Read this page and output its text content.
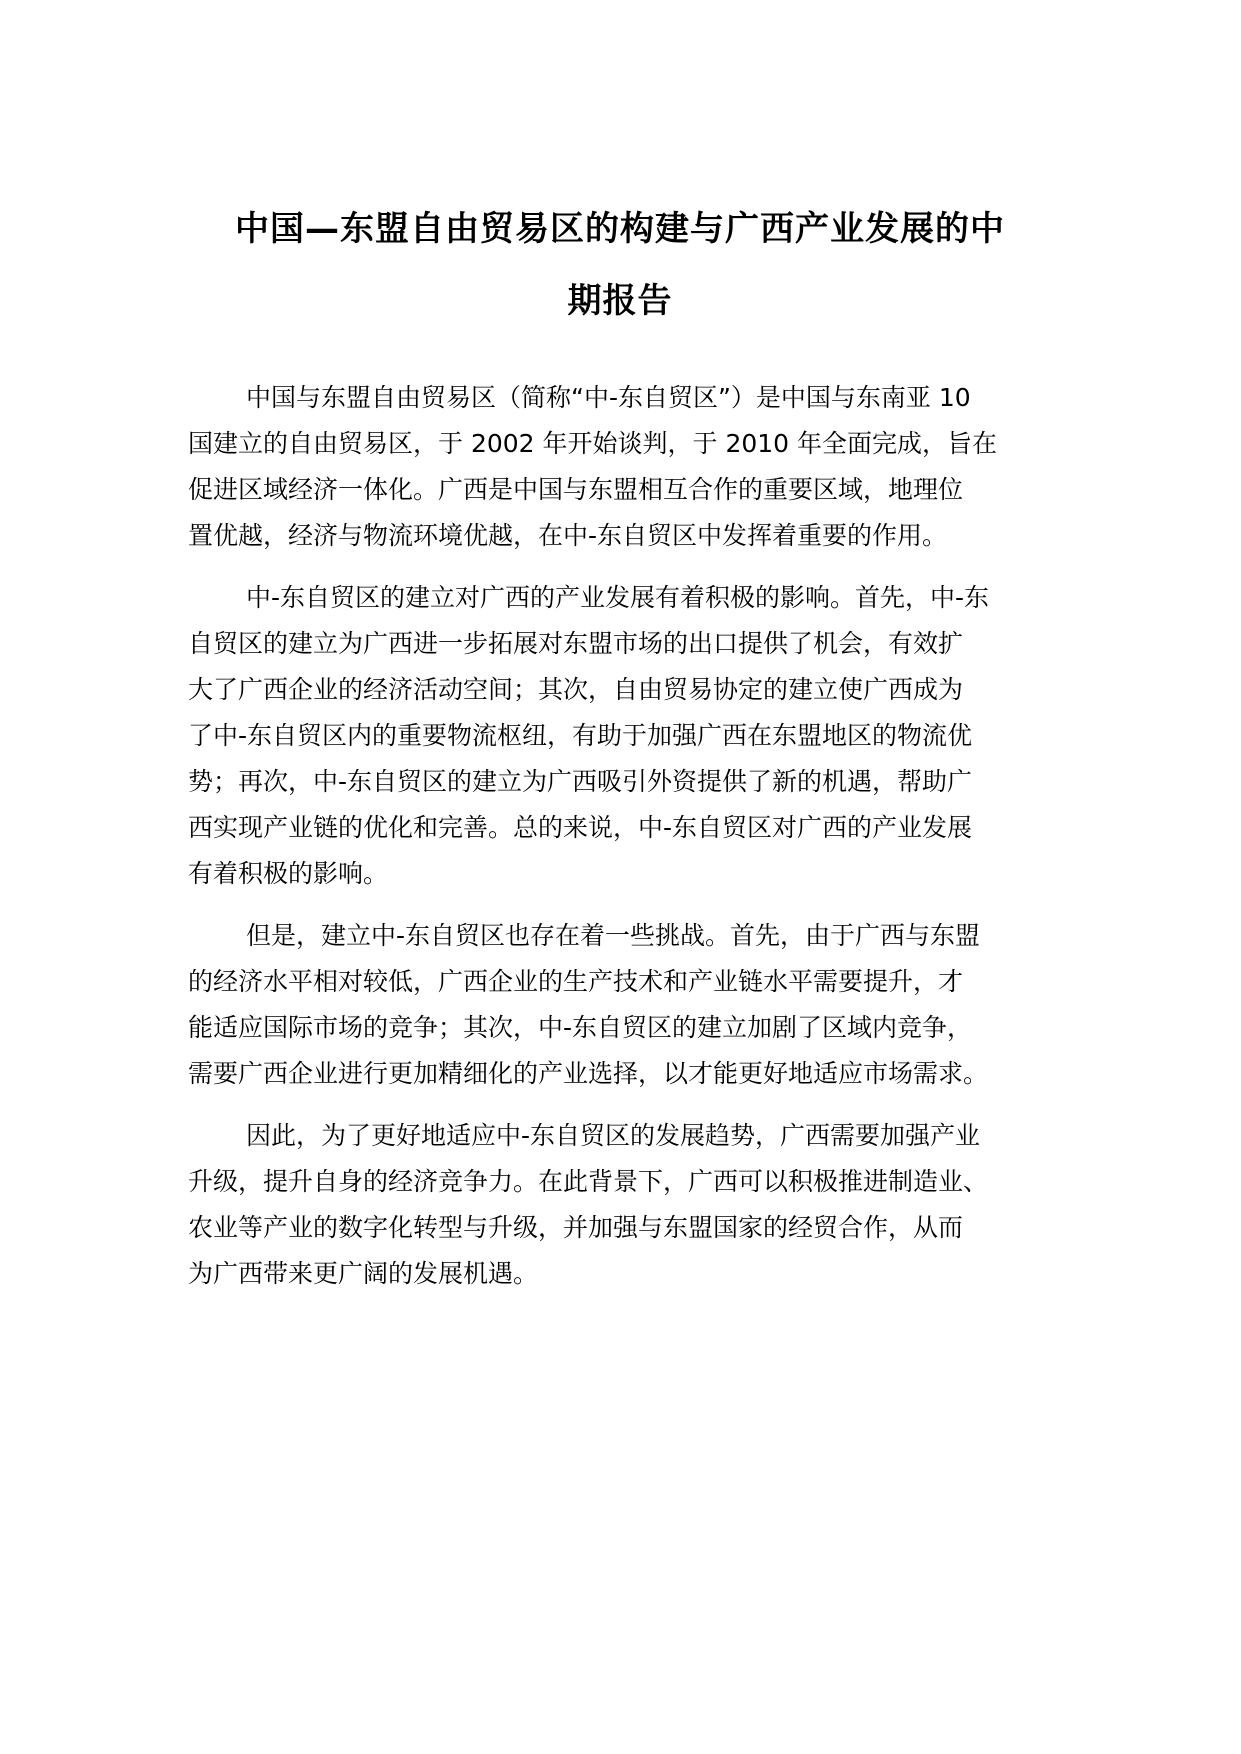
中国—东盟自由贸易区的构建与广西产业发展的中
期报告

中国与东盟自由贸易区（简称“中-东自贸区”）是中国与东南亚 10
国建立的自由贸易区，于 2002 年开始谈判，于 2010 年全面完成，旨在
促进区域经济一体化。广西是中国与东盟相互合作的重要区域，地理位
置优越，经济与物流环境优越，在中-东自贸区中发挥着重要的作用。

中-东自贸区的建立对广西的产业发展有着积极的影响。首先，中-东
自贸区的建立为广西进一步拓展对东盟市场的出口提供了机会，有效扩
大了广西企业的经济活动空间；其次，自由贸易协定的建立使广西成为
了中-东自贸区内的重要物流枢纽，有助于加强广西在东盟地区的物流优
势；再次，中-东自贸区的建立为广西吸引外资提供了新的机遇，帮助广
西实现产业链的优化和完善。总的来说，中-东自贸区对广西的产业发展
有着积极的影响。

但是，建立中-东自贸区也存在着一些挑战。首先，由于广西与东盟
的经济水平相对较低，广西企业的生产技术和产业链水平需要提升，才
能适应国际市场的竞争；其次，中-东自贸区的建立加剧了区域内竞争，
需要广西企业进行更加精细化的产业选择，以才能更好地适应市场需求。

因此，为了更好地适应中-东自贸区的发展趋势，广西需要加强产业
升级，提升自身的经济竞争力。在此背景下，广西可以积极推进制造业、
农业等产业的数字化转型与升级，并加强与东盟国家的经贸合作，从而
为广西带来更广阔的发展机遇。
